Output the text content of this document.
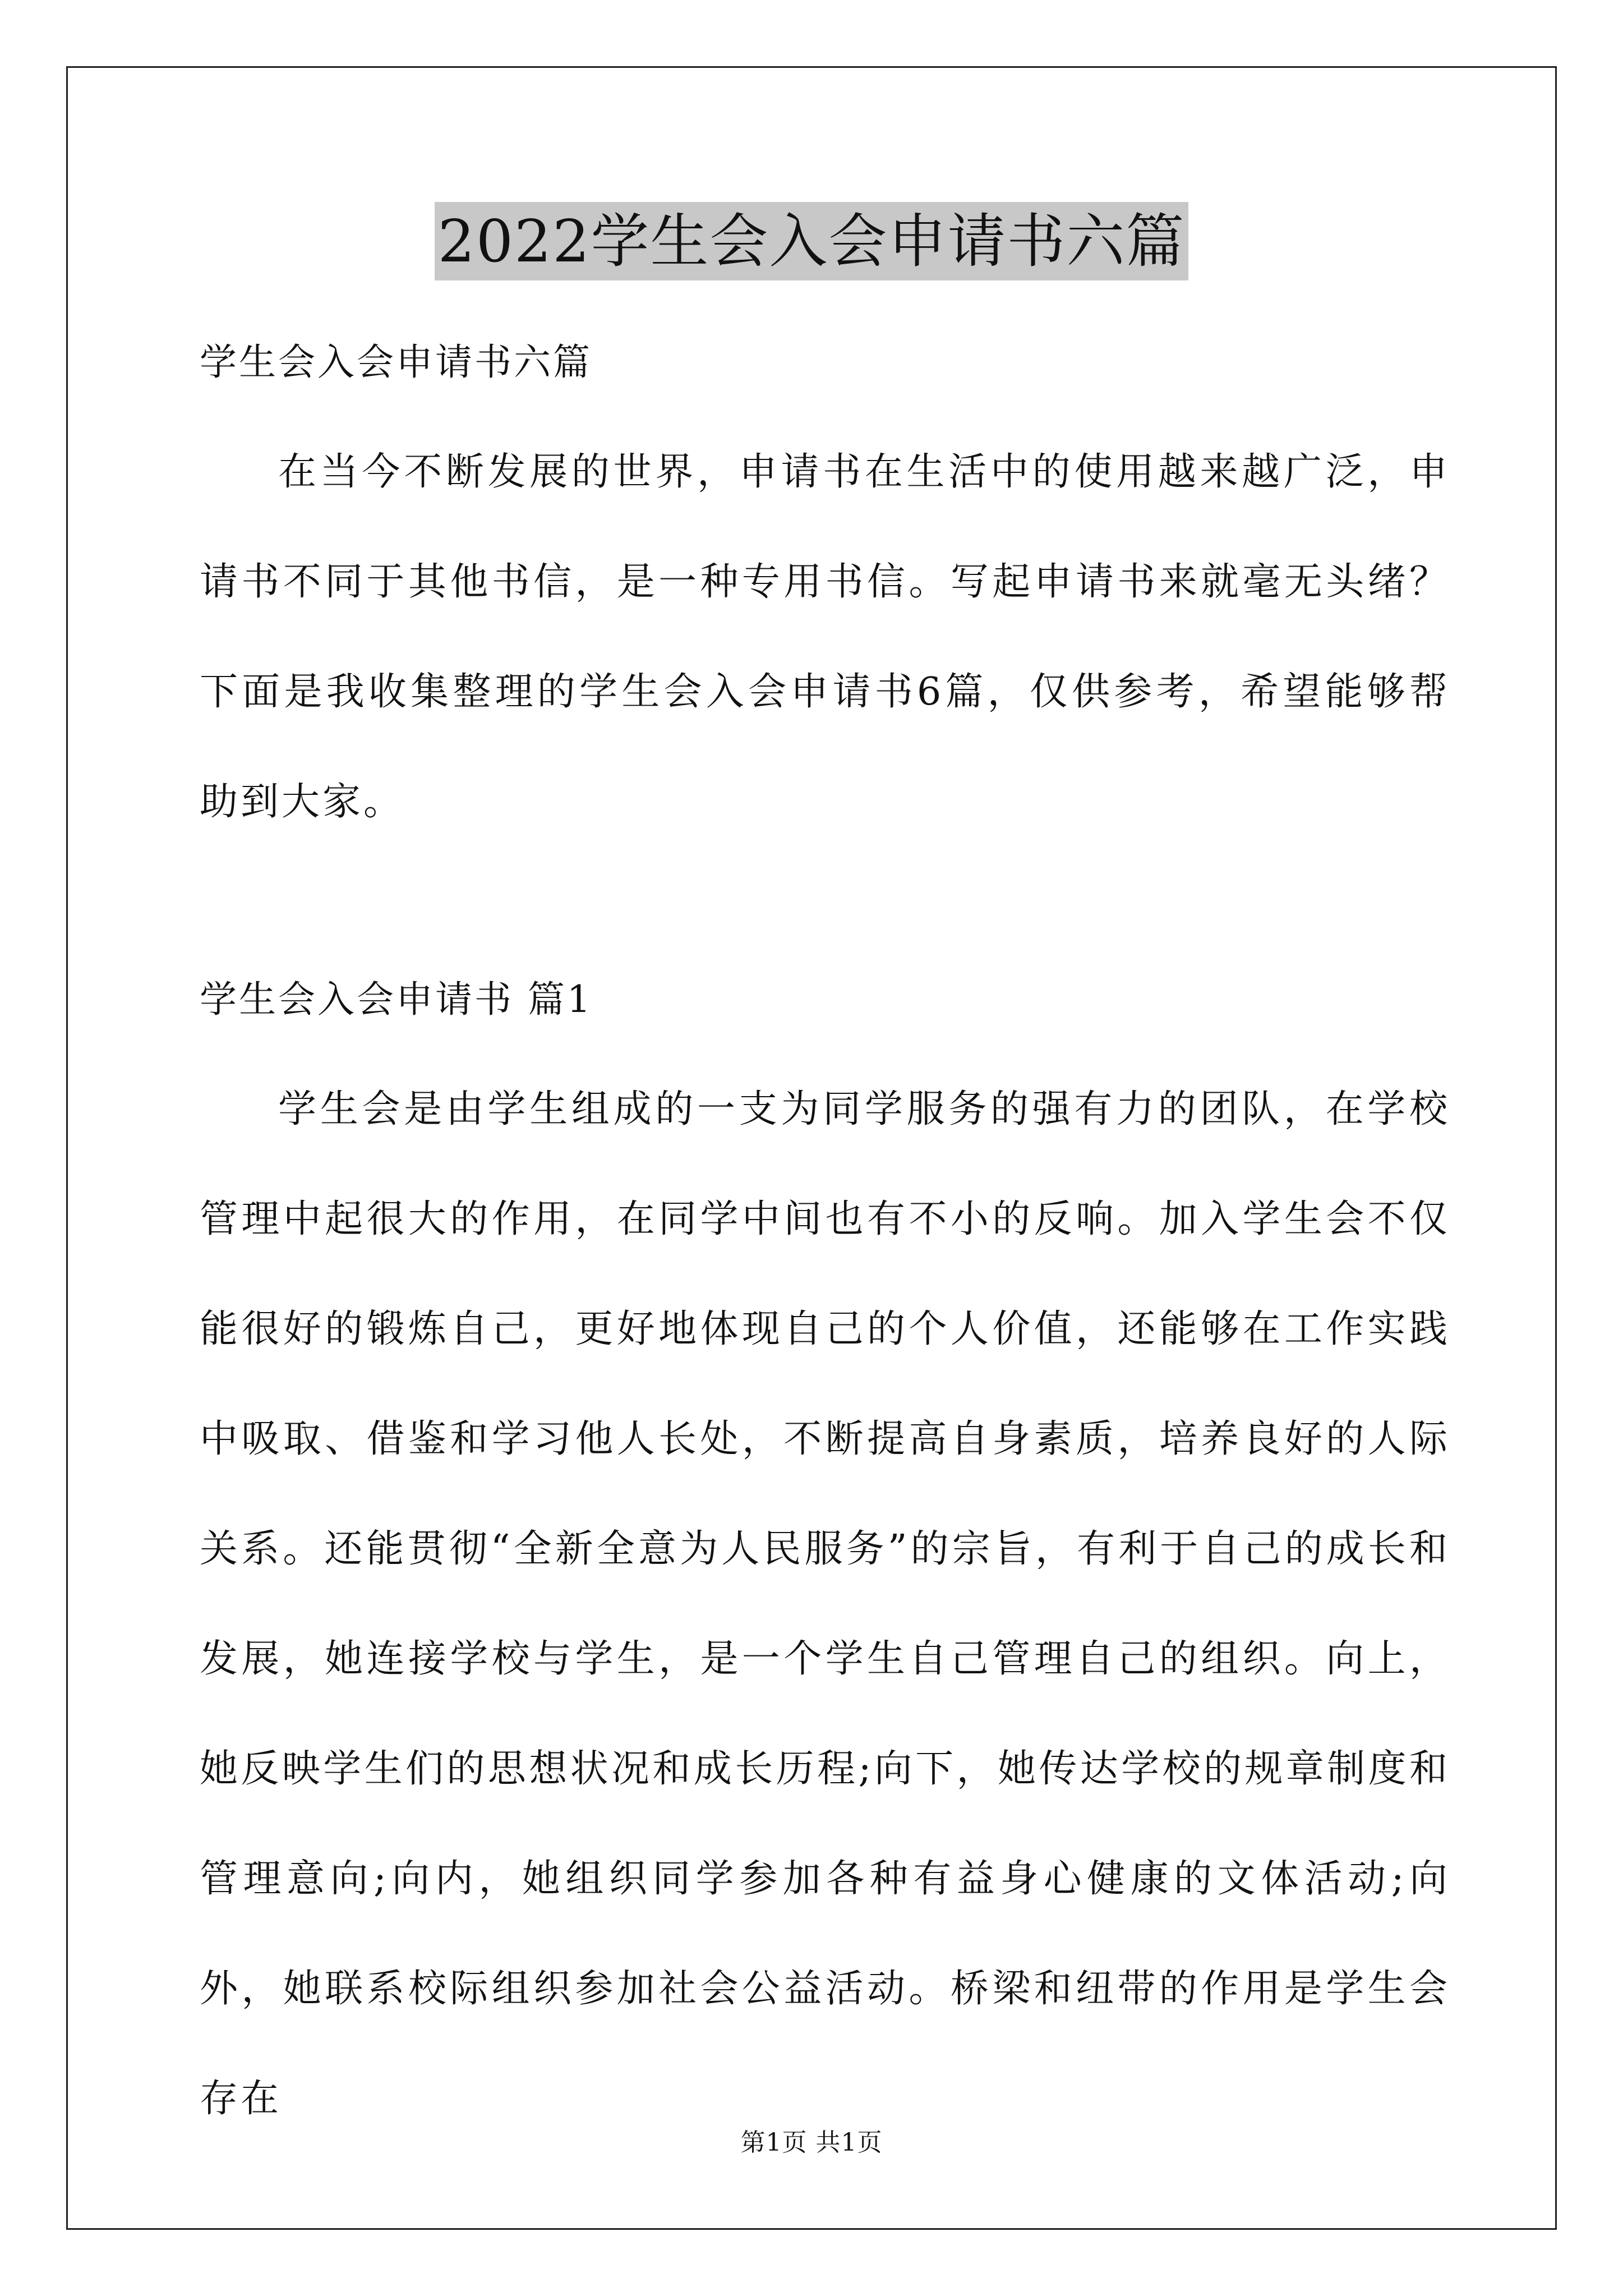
2022学生会入会申请书六篇

学生会入会申请书六篇

在当今不断发展的世界，申请书在生活中的使用越来越广泛，申请书不同于其他书信，是一种专用书信。写起申请书来就毫无头绪？下面是我收集整理的学生会入会申请书6篇，仅供参考，希望能够帮助到大家。

学生会入会申请书 篇1

学生会是由学生组成的一支为同学服务的强有力的团队，在学校管理中起很大的作用，在同学中间也有不小的反响。加入学生会不仅能很好的锻炼自己，更好地体现自己的个人价值，还能够在工作实践中吸取、借鉴和学习他人长处，不断提高自身素质，培养良好的人际关系。还能贯彻“全新全意为人民服务”的宗旨，有利于自己的成长和发展，她连接学校与学生，是一个学生自己管理自己的组织。向上，她反映学生们的思想状况和成长历程;向下，她传达学校的规章制度和管理意向;向内，她组织同学参加各种有益身心健康的文体活动;向外，她联系校际组织参加社会公益活动。桥梁和纽带的作用是学生会存在

第1页 共1页
